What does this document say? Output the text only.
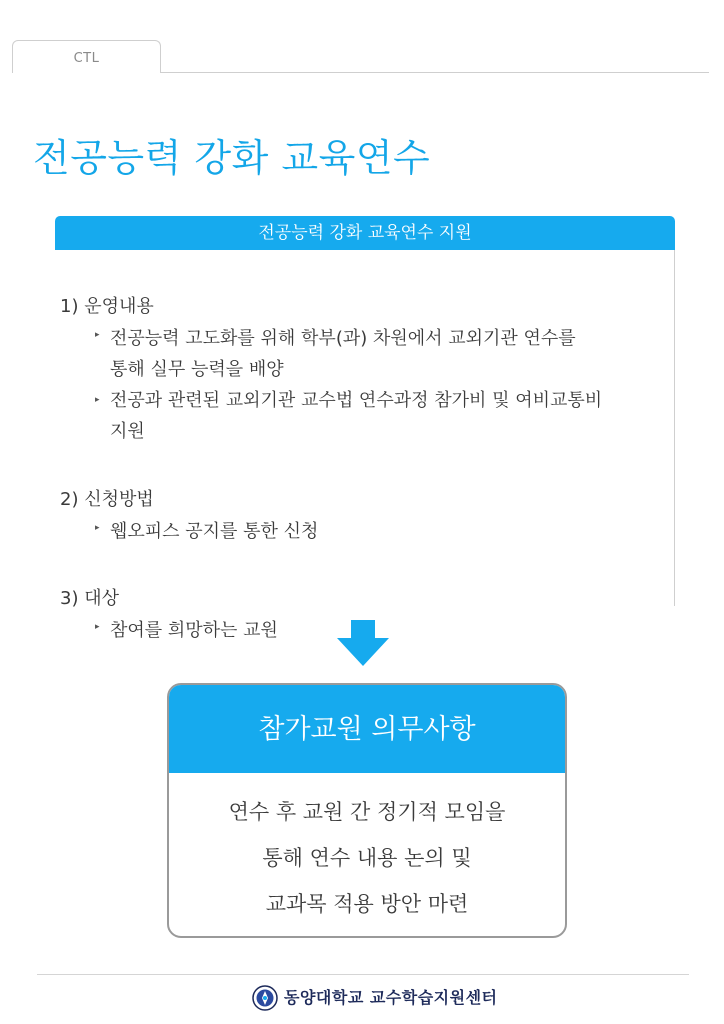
CTL
전공능력 강화 교육연수
전공능력 강화 교육연수 지원
1) 운영내용
▸ 전공능력 고도화를 위해 학부(과) 차원에서 교외기관 연수를
통해 실무 능력을 배양
▸ 전공과 관련된 교외기관 교수법 연수과정 참가비 및 여비교통비
지원
2) 신청방법
▸ 웹오피스 공지를 통한 신청
3) 대상
▸ 참여를 희망하는 교원
참가교원 의무사항
연수 후 교원 간 정기적 모임을
통해 연수 내용 논의 및
교과목 적용 방안 마련
동양대학교 교수학습지원센터
